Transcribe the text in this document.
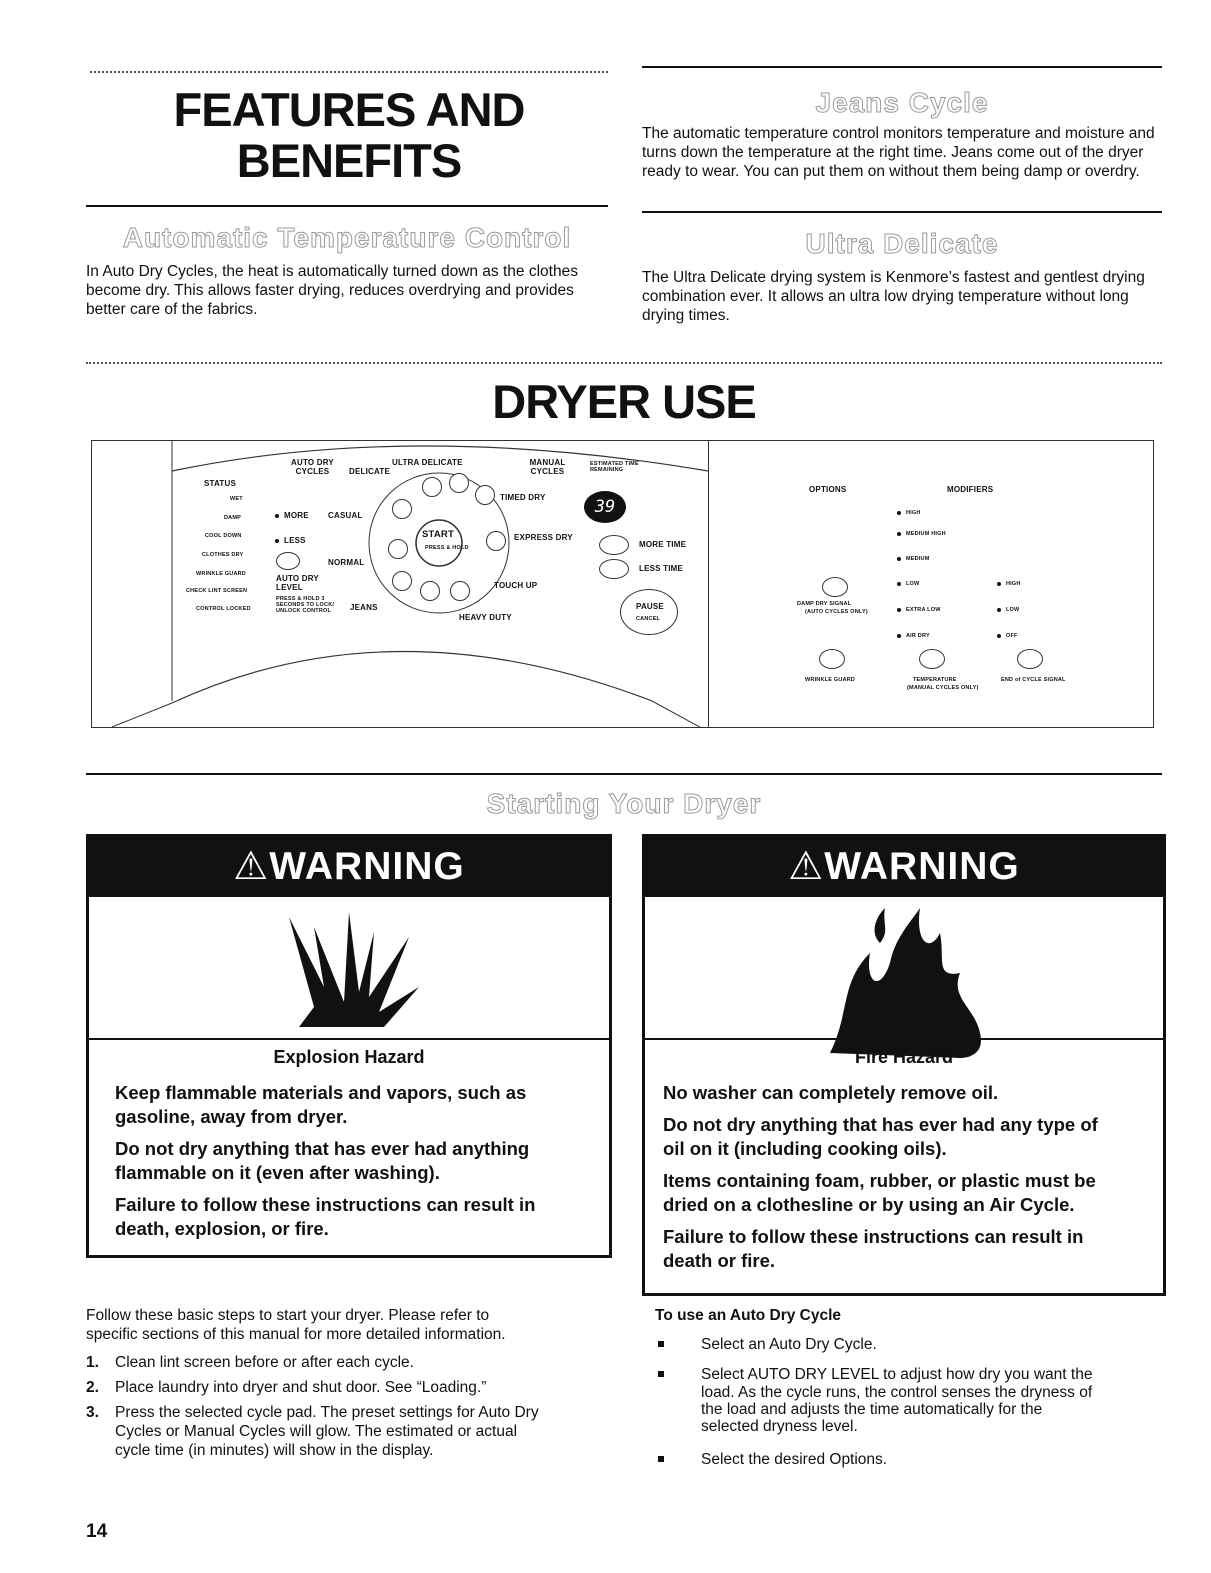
FEATURES AND
BENEFITS
Automatic Temperature Control
In Auto Dry Cycles, the heat is automatically turned down as the clothes become dry. This allows faster drying, reduces overdrying and provides better care of the fabrics.
Jeans Cycle
The automatic temperature control monitors temperature and moisture and turns down the temperature at the right time. Jeans come out of the dryer ready to wear. You can put them on without them being damp or overdry.
Ultra Delicate
The Ultra Delicate drying system is Kenmore’s fastest and gentlest drying combination ever. It allows an ultra low drying temperature without long drying times.
DRYER USE
STATUS
WET
DAMP
COOL DOWN
CLOTHES DRY
WRINKLE GUARD
CHECK LINT SCREEN
CONTROL LOCKED
AUTO DRY CYCLES
MORE
LESS
AUTO DRY LEVEL
PRESS & HOLD 3 SECONDS TO LOCK/ UNLOCK CONTROL
DELICATE
ULTRA DELICATE
CASUAL
NORMAL
JEANS
HEAVY DUTY
START
PRESS & HOLD
MANUAL CYCLES
ESTIMATED TIME REMAINING
TIMED DRY
EXPRESS DRY
TOUCH UP
39
MORE TIME
LESS TIME
PAUSE
CANCEL
OPTIONS	MODIFIERS
HIGH
MEDIUM HIGH
MEDIUM
LOW
EXTRA LOW
AIR DRY
HIGH
LOW
OFF
DAMP DRY SIGNAL
(AUTO CYCLES ONLY)
WRINKLE GUARD	TEMPERATURE
(MANUAL CYCLES ONLY)
END of CYCLE SIGNAL
Starting Your Dryer
⚠WARNING
Explosion Hazard
Keep flammable materials and vapors, such as
gasoline, away from dryer.
Do not dry anything that has ever had anything
flammable on it (even after washing).
Failure to follow these instructions can result in
death, explosion, or fire.
⚠WARNING
Fire Hazard
No washer can completely remove oil.
Do not dry anything that has ever had any type of
oil on it (including cooking oils).
Items containing foam, rubber, or plastic must be
dried on a clothesline or by using an Air Cycle.
Failure to follow these instructions can result in
death or fire.
Follow these basic steps to start your dryer. Please refer to
specific sections of this manual for more detailed information.
1. Clean lint screen before or after each cycle.
2. Place laundry into dryer and shut door. See “Loading.”
3. Press the selected cycle pad. The preset settings for Auto Dry
Cycles or Manual Cycles will glow. The estimated or actual
cycle time (in minutes) will show in the display.
To use an Auto Dry Cycle
Select an Auto Dry Cycle.
Select AUTO DRY LEVEL to adjust how dry you want the
load. As the cycle runs, the control senses the dryness of
the load and adjusts the time automatically for the
selected dryness level.
Select the desired Options.
14
